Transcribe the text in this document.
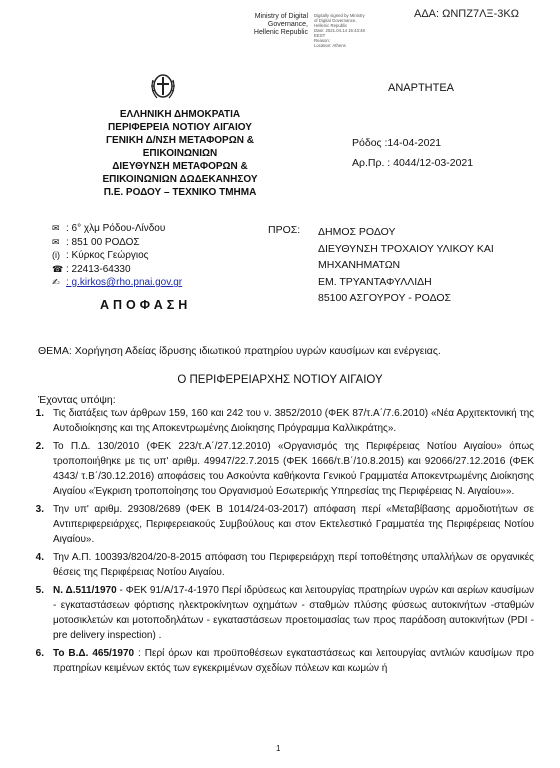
ΑΔΑ: ΩΝΠΖ7ΛΞ-3ΚΩ
Ministry of Digital
Governance,
Hellenic Republic
Digitally signed by Ministry
of Digital Governance,
Hellenic Republic
Date: 2021.04.14 15:43:48
EEST
Reason:
Location: Athens
ΑΝΑΡΤΗΤΕΑ
ΕΛΛΗΝΙΚΗ ΔΗΜΟΚΡΑΤΙΑ
ΠΕΡΙΦΕΡΕΙΑ ΝΟΤΙΟΥ ΑΙΓΑΙΟΥ
ΓΕΝΙΚΗ Δ/ΝΣΗ ΜΕΤΑΦΟΡΩΝ &
ΕΠΙΚΟΙΝΩΝΙΩΝ
ΔΙΕΥΘΥΝΣΗ ΜΕΤΑΦΟΡΩΝ &
ΕΠΙΚΟΙΝΩΝΙΩΝ ΔΩΔΕΚΑΝΗΣΟΥ
Π.Ε. ΡΟΔΟΥ – ΤΕΧΝΙΚΟ ΤΜΗΜΑ
Ρόδος :14-04-2021
Αρ.Πρ. : 4044/12-03-2021
✉ : 6° χλμ Ρόδου-Λίνδου
✉ : 851 00 ΡΟΔΟΣ
(i) : Κύρκος Γεώργιος
☎ : 22413-64330
✍ : g.kirkos@rho.pnai.gov.gr
ΠΡΟΣ: ΔΗΜΟΣ ΡΟΔΟΥ
ΔΙΕΥΘΥΝΣΗ ΤΡΟΧΑΙΟΥ ΥΛΙΚΟΥ ΚΑΙ
ΜΗΧΑΝΗΜΑΤΩΝ
ΕΜ. ΤΡΥΑΝΤΑΦΥΛΛΙΔΗ
85100 ΑΣΓΟΥΡΟΥ - ΡΟΔΟΣ
ΑΠΟΦΑΣΗ
ΘΕΜΑ: Χορήγηση Αδείας ίδρυσης ιδιωτικού πρατηρίου υγρών καυσίμων και ενέργειας.
Ο ΠΕΡΙΦΕΡΕΙΑΡΧΗΣ ΝΟΤΙΟΥ ΑΙΓΑΙΟΥ
Έχοντας υπόψη:
1. Τις διατάξεις των άρθρων 159, 160 και 242 του ν. 3852/2010 (ΦΕΚ 87/τ.Α΄/7.6.2010) «Νέα Αρχιτεκτονική της Αυτοδιοίκησης και της Αποκεντρωμένης Διοίκησης Πρόγραμμα Καλλικράτης».
2. Το Π.Δ. 130/2010 (ΦΕΚ 223/τ.Α΄/27.12.2010) «Οργανισμός της Περιφέρειας Νοτίου Αιγαίου» όπως τροποποιήθηκε με τις υπ' αριθμ. 49947/22.7.2015 (ΦΕΚ 1666/τ.Β΄/10.8.2015) και 92066/27.12.2016 (ΦΕΚ 4343/ τ.Β΄/30.12.2016) αποφάσεις του Ασκούντα καθήκοντα Γενικού Γραμματέα Αποκεντρωμένης Διοίκησης Αιγαίου «Έγκριση τροποποίησης του Οργανισμού Εσωτερικής Υπηρεσίας της Περιφέρειας Ν. Αιγαίου»».
3. Την υπ' αριθμ. 29308/2689 (ΦΕΚ Β 1014/24-03-2017) απόφαση περί «Μεταβίβασης αρμοδιοτήτων σε Αντιπεριφερειάρχες, Περιφερειακούς Συμβούλους και στον Εκτελεστικό Γραμματέα της Περιφέρειας Νοτίου Αιγαίου».
4. Την Α.Π. 100393/8204/20-8-2015 απόφαση του Περιφερειάρχη περί τοποθέτησης υπαλλήλων σε οργανικές θέσεις της Περιφέρειας Νοτίου Αιγαίου.
5. Ν. Δ.511/1970 - ΦΕΚ 91/Α/17-4-1970 Περί ιδρύσεως και λειτουργίας πρατηρίων υγρών και αερίων καυσίμων - εγκαταστάσεων φόρτισης ηλεκτροκίνητων οχημάτων - σταθμών πλύσης φύσεως αυτοκινήτων -σταθμών μοτοσικλετών και μοτοποδηλάτων - εγκαταστάσεων προετοιμασίας των προς παράδοση αυτοκινήτων (PDI - pre delivery inspection) .
6. Το Β.Δ. 465/1970 : Περί όρων και προϋποθέσεων εγκαταστάσεως και λειτουργίας αντλιών καυσίμων προ πρατηρίων κειμένων εκτός των εγκεκριμένων σχεδίων πόλεων και κωμών ή
1
